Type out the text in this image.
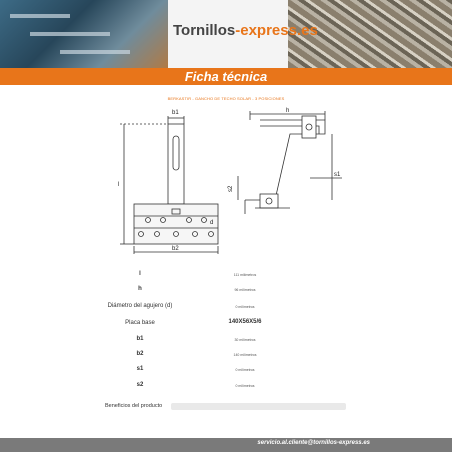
Tornillos-express.es
Ficha técnica
BERKASTIR - GANCHO DE TECHO SOLAR - 3 POSICIONES
b1
l
b2
h
s1
s2
d
l	111 milímetros
h	96 milímetros
Diámetro del agujero (d)	0 milímetros
Placa base	140X56X5/6
b1	30 milímetros
b2	140 milímetros
s1	0 milímetros
s2	0 milímetros
Beneficios del producto
servicio.al.cliente@tornillos-express.es
